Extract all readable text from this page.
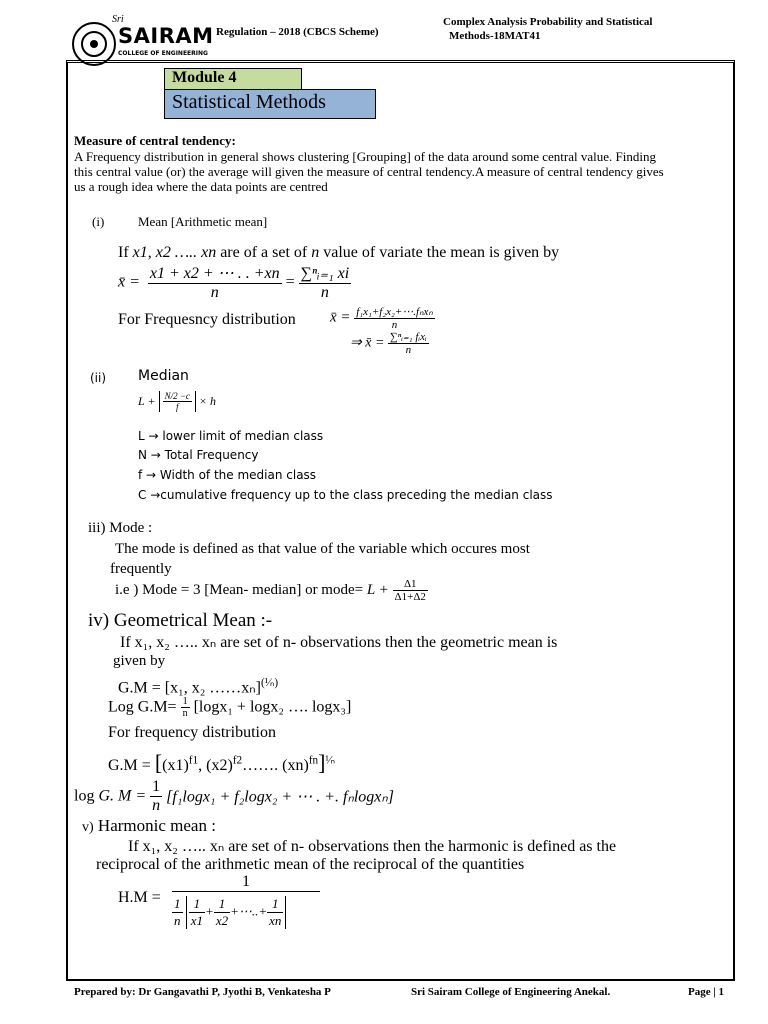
Sri
SAIRAM
COLLEGE OF ENGINEERING
Regulation – 2018 (CBCS Scheme)
Complex Analysis Probability and Statistical
Methods-18MAT41
Module 4
Statistical Methods
Measure of central tendency:
A Frequency distribution in general shows clustering [Grouping] of the data around some central value. Finding
this central value (or) the average will given the measure of central tendency.A measure of central tendency gives
us a rough idea where the data points are centred
(i)	Mean [Arithmetic mean]
If x1, x2 ….. xn are of a set of n value of variate the mean is given by
x̄ = $\frac{x1 + x2 + \cdots . . +xn}{n} = \frac{\text{∑ⁿᵢ₌₁ xi}}{n}$
For Frequesncy distribution x̄ = $\frac{\text{f₁x₁+f₂x₂+⋯.fₙxₙ}}{n}$
⇒ x̄ = $\frac{\text{∑ⁿᵢ₌₁ fᵢxᵢ}}{n}$
(ii) Median
$L + \frac{N/2 -c}{f} \times h$
L → lower limit of median class
N → Total Frequency
f → Width of the median class
C →cumulative frequency up to the class preceding the median class
iii) Mode :
The mode is defined as that value of the variable which occures most
frequently
i.e ) Mode = 3 [Mean- median] or mode= $L + \frac{\Delta 1}{\Delta 1+\Delta 2}$
iv) Geometrical Mean :-
If x₁, x₂ ….. xₙ are set of n- observations then the geometric mean is
given by
G.M = [x₁, x₂ ……xₙ]$^{(^1⁄_n)}$
Log $G.M= \frac{1}{n} [\log x_1 + \log x_2$ …. logx₃]
For frequency distribution
$G.M = [(x1)^{f1}$, $(x2)^{f2}\dots\dots$. (xn)$^{fn}$]$^{^1⁄_n}$
log G. $M = \frac{1}{n} [f_1\log x_1 + f_2\log x_2$ + ⋯ . +. fₙlogxₙ]
v) Harmonic mean :
If x₁, x₂ ….. xₙ are set of n- observations then the harmonic is defined as the
reciprocal of the arithmetic mean of the reciprocal of the quantities
H.M =
1
$\frac{1}{n}$
$\frac{1}{x1} + \frac{1}{x2}$ +⋯..+ $\frac{1}{xn}$
Prepared by: Dr Gangavathi P, Jyothi B, Venkatesha P	Sri Sairam College of Engineering Anekal.	Page | 1
